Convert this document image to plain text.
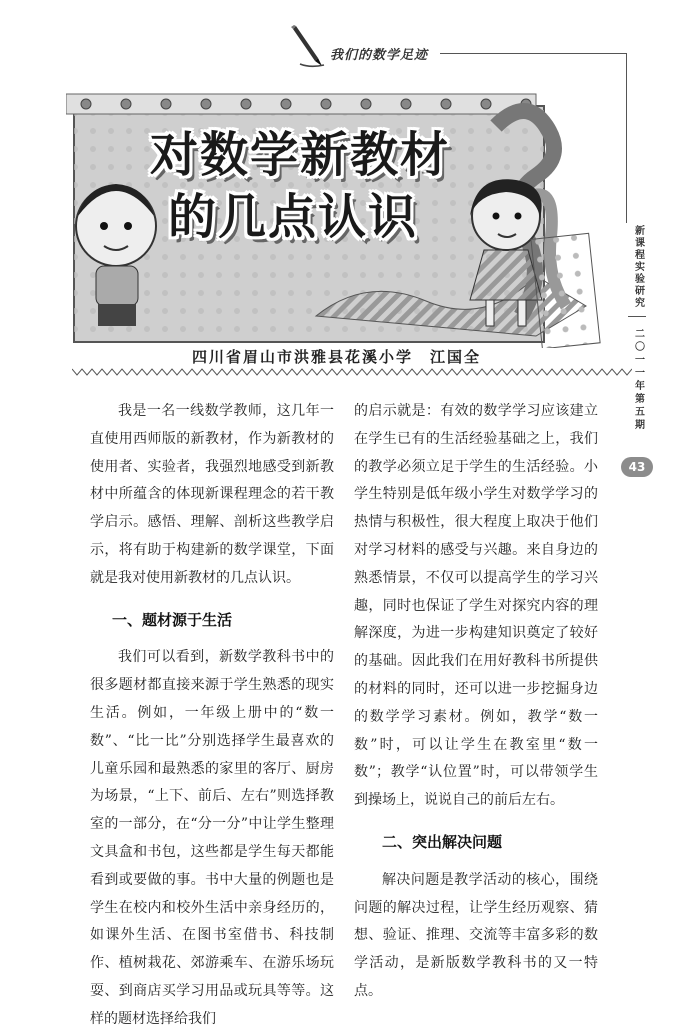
我们的数学足迹
新课程实验研究
二〇一一年第五期
43
对数学新教材
的几点认识
四川省眉山市洪雅县花溪小学　江国全

我是一名一线数学教师，这几年一直使用西师版的新教材，作为新教材的使用者、实验者，我强烈地感受到新教材中所蕴含的体现新课程理念的若干教学启示。感悟、理解、剖析这些教学启示，将有助于构建新的数学课堂，下面就是我对使用新教材的几点认识。

一、题材源于生活

我们可以看到，新数学教科书中的很多题材都直接来源于学生熟悉的现实生活。例如，一年级上册中的“数一数”、“比一比”分别选择学生最喜欢的儿童乐园和最熟悉的家里的客厅、厨房为场景，“上下、前后、左右”则选择教室的一部分，在“分一分”中让学生整理文具盒和书包，这些都是学生每天都能看到或要做的事。书中大量的例题也是学生在校内和校外生活中亲身经历的，如课外生活、在图书室借书、科技制作、植树栽花、郊游乘车、在游乐场玩耍、到商店买学习用品或玩具等等。这样的题材选择给我们

的启示就是：有效的数学学习应该建立在学生已有的生活经验基础之上，我们的教学必须立足于学生的生活经验。小学生特别是低年级小学生对数学学习的热情与积极性，很大程度上取决于他们对学习材料的感受与兴趣。来自身边的熟悉情景，不仅可以提高学生的学习兴趣，同时也保证了学生对探究内容的理解深度，为进一步构建知识奠定了较好的基础。因此我们在用好教科书所提供的材料的同时，还可以进一步挖掘身边的数学学习素材。例如，教学“数一数”时，可以让学生在教室里“数一数”；教学“认位置”时，可以带领学生到操场上，说说自己的前后左右。

二、突出解决问题

解决问题是教学活动的核心，围绕问题的解决过程，让学生经历观察、猜想、验证、推理、交流等丰富多彩的数学活动，是新版数学教科书的又一特点。
